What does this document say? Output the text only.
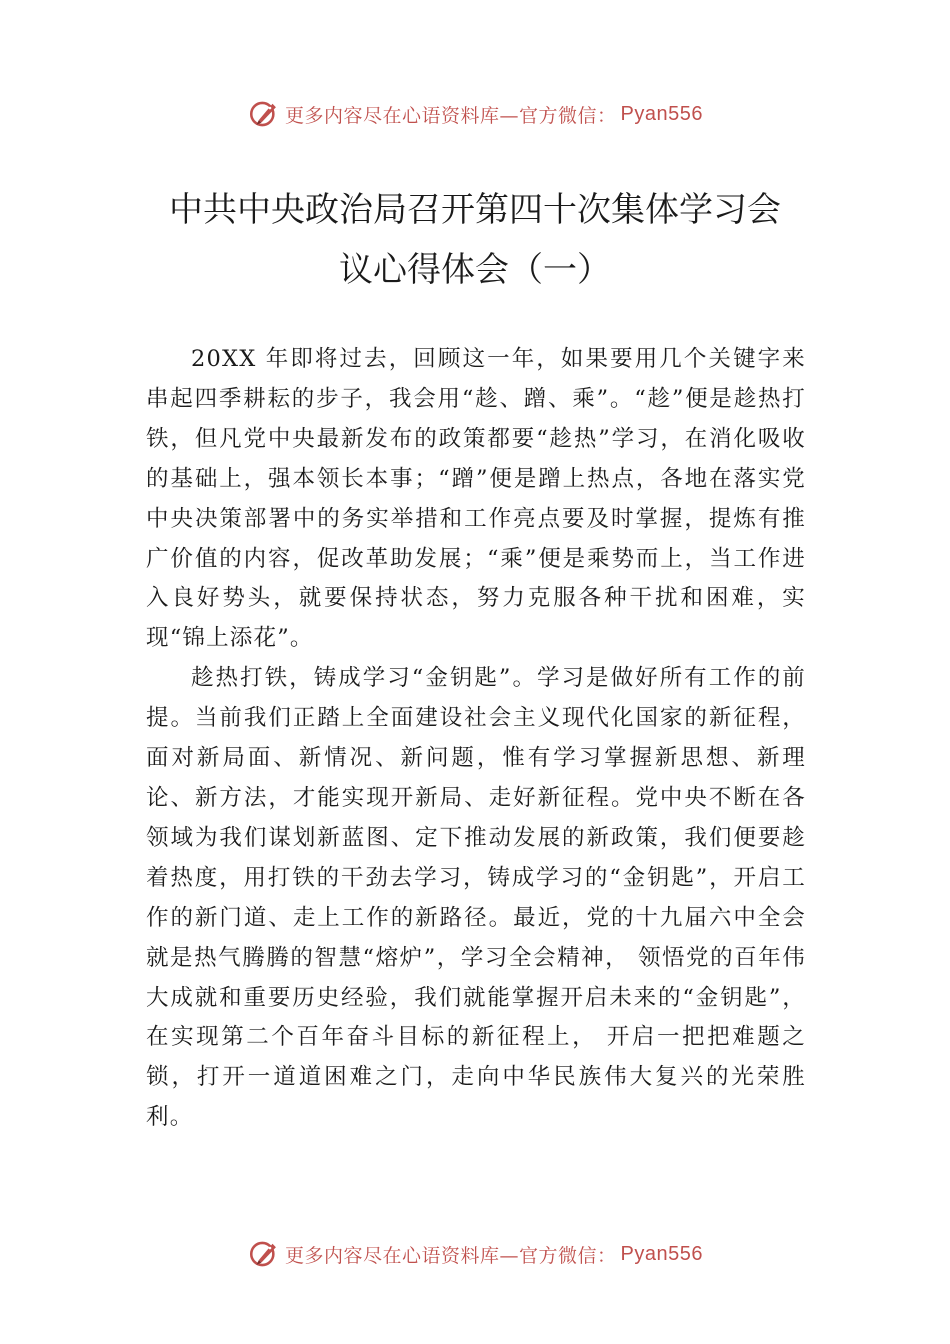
更多内容尽在心语资料库—官方微信： Pyan556
中共中央政治局召开第四十次集体学习会
议心得体会（一）

20XX 年即将过去，回顾这一年，如果要用几个关键字来串起四季耕耘的步子，我会用“趁、蹭、乘”。“趁”便是趁热打铁，但凡党中央最新发布的政策都要“趁热”学习，在消化吸收的基础上，强本领长本事；“蹭”便是蹭上热点，各地在落实党中央决策部署中的务实举措和工作亮点要及时掌握，提炼有推广价值的内容，促改革助发展；“乘”便是乘势而上，当工作进入良好势头，就要保持状态，努力克服各种干扰和困难，实现“锦上添花”。

趁热打铁，铸成学习“金钥匙”。学习是做好所有工作的前提。当前我们正踏上全面建设社会主义现代化国家的新征程，面对新局面、新情况、新问题，惟有学习掌握新思想、新理论、新方法，才能实现开新局、走好新征程。党中央不断在各领域为我们谋划新蓝图、定下推动发展的新政策，我们便要趁着热度，用打铁的干劲去学习，铸成学习的“金钥匙”，开启工作的新门道、走上工作的新路径。最近，党的十九届六中全会就是热气腾腾的智慧“熔炉”，学习全会精神， 领悟党的百年伟大成就和重要历史经验，我们就能掌握开启未来的“金钥匙”，在实现第二个百年奋斗目标的新征程上， 开启一把把难题之锁，打开一道道困难之门，走向中华民族伟大复兴的光荣胜利。

更多内容尽在心语资料库—官方微信： Pyan556
